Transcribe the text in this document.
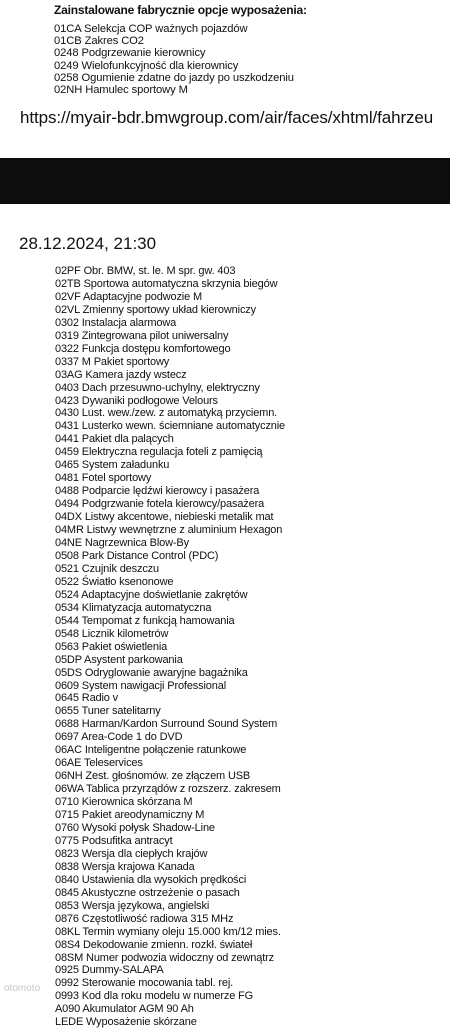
Zainstalowane fabrycznie opcje wyposażenia:
01CA Selekcja COP ważnych pojazdów
01CB Zakres CO2
0248 Podgrzewanie kierownicy
0249 Wielofunkcyjność dla kierownicy
0258 Ogumienie zdatne do jazdy po uszkodzeniu
02NH Hamulec sportowy M
https://myair-bdr.bmwgroup.com/air/faces/xhtml/fahrzeu
28.12.2024, 21:30
02PF Obr. BMW, st. le. M spr. gw. 403
02TB Sportowa automatyczna skrzynia biegów
02VF Adaptacyjne podwozie M
02VL Zmienny sportowy układ kierowniczy
0302 Instalacja alarmowa
0319 Zintegrowana pilot uniwersalny
0322 Funkcja dostępu komfortowego
0337 M Pakiet sportowy
03AG Kamera jazdy wstecz
0403 Dach przesuwno-uchylny, elektryczny
0423 Dywaniki podłogowe Velours
0430 Lust. wew./zew. z automatyką przyciemn.
0431 Lusterko wewn. ściemniane automatycznie
0441 Pakiet dla palących
0459 Elektryczna regulacja foteli z pamięcią
0465 System załadunku
0481 Fotel sportowy
0488 Podparcie lędźwi kierowcy i pasażera
0494 Podgrzwanie fotela kierowcy/pasażera
04DX Listwy akcentowe, niebieski metalik mat
04MR Listwy wewnętrzne z aluminium Hexagon
04NE Nagrzewnica Blow-By
0508 Park Distance Control (PDC)
0521 Czujnik deszczu
0522 Światło ksenonowe
0524 Adaptacyjne doświetlanie zakrętów
0534 Klimatyzacja automatyczna
0544 Tempomat z funkcją hamowania
0548 Licznik kilometrów
0563 Pakiet oświetlenia
05DP Asystent parkowania
05DS Odryglowanie awaryjne bagażnika
0609 System nawigacji Professional
0645 Radio v
0655 Tuner satelitarny
0688 Harman/Kardon Surround Sound System
0697 Area-Code 1 do DVD
06AC Inteligentne połączenie ratunkowe
06AE Teleservices
06NH Zest. głośnomów. ze złączem USB
06WA Tablica przyrządów z rozszerz. zakresem
0710 Kierownica skórzana M
0715 Pakiet areodynamiczny M
0760 Wysoki połysk Shadow-Line
0775 Podsufitka antracyt
0823 Wersja dla ciepłych krajów
0838 Wersja krajowa Kanada
0840 Ustawienia dla wysokich prędkości
0845 Akustyczne ostrzeżenie o pasach
0853 Wersja językowa, angielski
0876 Częstotliwość radiowa 315 MHz
08KL Termin wymiany oleju 15.000 km/12 mies.
08S4 Dekodowanie zmienn. rozkł. świateł
08SM Numer podwozia widoczny od zewnątrz
0925 Dummy-SALAPA
0992 Sterowanie mocowania tabl. rej.
0993 Kod dla roku modelu w numerze FG
A090 Akumulator AGM 90 Ah
LEDE Wyposażenie skórzane
otomoto
